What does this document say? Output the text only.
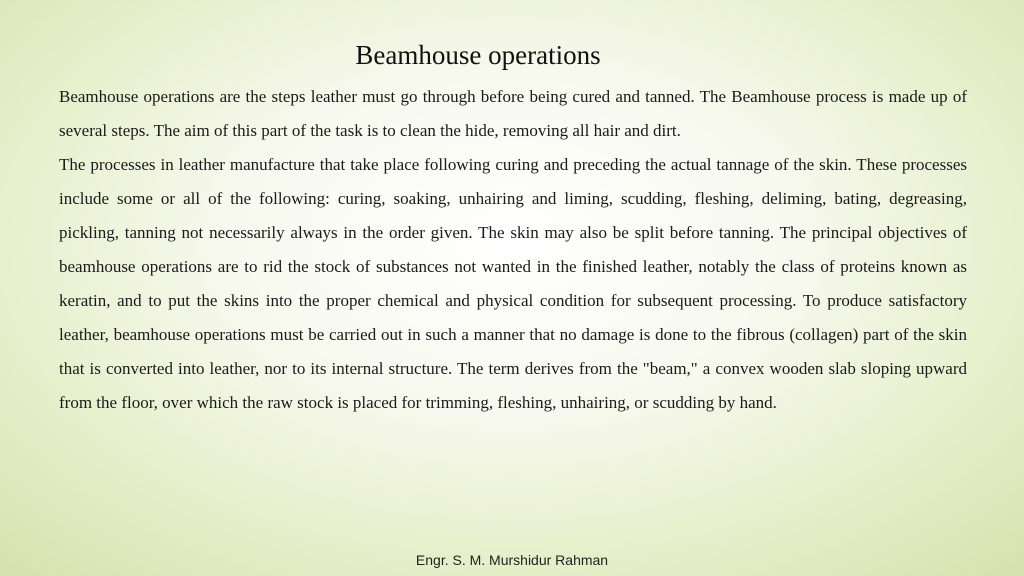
Beamhouse operations

Beamhouse operations are the steps leather must go through before being cured and tanned. The Beamhouse process is made up of several steps. The aim of this part of the task is to clean the hide, removing all hair and dirt.

The processes in leather manufacture that take place following curing and preceding the actual tannage of the skin. These processes include some or all of the following: curing, soaking, unhairing and liming, scudding, fleshing, deliming, bating, degreasing, pickling, tanning not necessarily always in the order given. The skin may also be split before tanning. The principal objectives of beamhouse operations are to rid the stock of substances not wanted in the finished leather, notably the class of proteins known as keratin, and to put the skins into the proper chemical and physical condition for subsequent processing. To produce satisfactory leather, beamhouse operations must be carried out in such a manner that no damage is done to the fibrous (collagen) part of the skin that is converted into leather, nor to its internal structure. The term derives from the "beam," a convex wooden slab sloping upward from the floor, over which the raw stock is placed for trimming, fleshing, unhairing, or scudding by hand.

Engr. S. M. Murshidur Rahman
